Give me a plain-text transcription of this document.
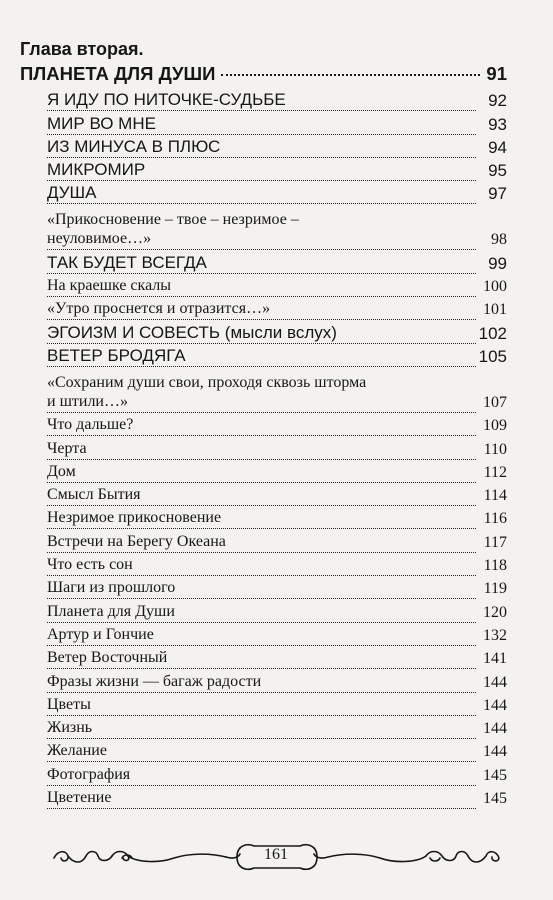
Глава вторая.
ПЛАНЕТА ДЛЯ ДУШИ	91
Я ИДУ ПО НИТОЧКЕ-СУДЬБЕ	92
МИР ВО МНЕ	93
ИЗ МИНУСА В ПЛЮС	94
МИКРОМИР	95
ДУША	97
«Прикосновение – твое – незримое –
неуловимое…»	98
ТАК БУДЕТ ВСЕГДА	99
На краешке скалы	100
«Утро проснется и отразится…»	101
ЭГОИЗМ И СОВЕСТЬ (мысли вслух)	102
ВЕТЕР БРОДЯГА	105
«Сохраним души свои, проходя сквозь шторма
и штили…»	107
Что дальше?	109
Черта	110
Дом	112
Смысл Бытия	114
Незримое прикосновение	116
Встречи на Берегу Океана	117
Что есть сон	118
Шаги из прошлого	119
Планета для Души	120
Артур и Гончие	132
Ветер Восточный	141
Фразы жизни — багаж радости	144
Цветы	144
Жизнь	144
Желание	144
Фотография	145
Цветение	145
161
